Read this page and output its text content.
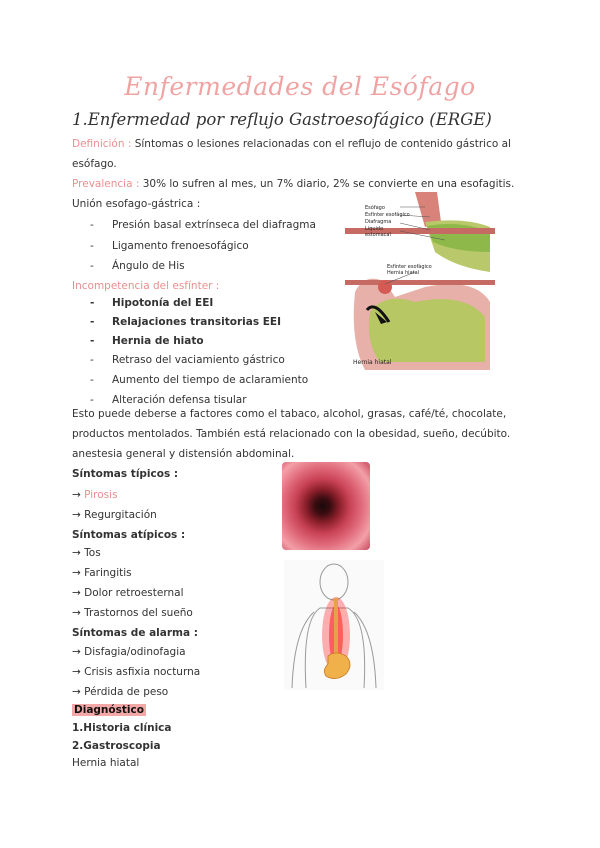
Enfermedades del Esófago
1.Enfermedad por reflujo Gastroesofágico (ERGE)
Definición : Síntomas o lesiones relacionadas con el reflujo de contenido gástrico al
esófago.
Prevalencia : 30% lo sufren al mes, un 7% diario, 2% se convierte en una esofagitis.
Unión esofago-gástrica :
- Presión basal extrínseca del diafragma
- Ligamento frenoesofágico
- Ángulo de His
Incompetencia del esfínter :
- Hipotonía del EEI
- Relajaciones transitorias EEI
- Hernia de hiato
- Retraso del vaciamiento gástrico
- Aumento del tiempo de aclaramiento
- Alteración defensa tisular
Esófago
Esfínter esofágico
Diafragma
Líquido
estomacal
Esfínter esofágico
Hernia hiatal
Hernia hiatal
Esto puede deberse a factores como el tabaco, alcohol, grasas, café/té, chocolate,
productos mentolados. También está relacionado con la obesidad, sueño, decúbito.
anestesia general y distensión abdominal.
Síntomas típicos :
→ Pirosis
→ Regurgitación
Síntomas atípicos :
→ Tos
→ Faringitis
→ Dolor retroesternal
→ Trastornos del sueño
Síntomas de alarma :
→ Disfagia/odinofagia
→ Crisis asfixia nocturna
→ Pérdida de peso
Diagnóstico
1.Historia clínica
2.Gastroscopia
Hernia hiatal
